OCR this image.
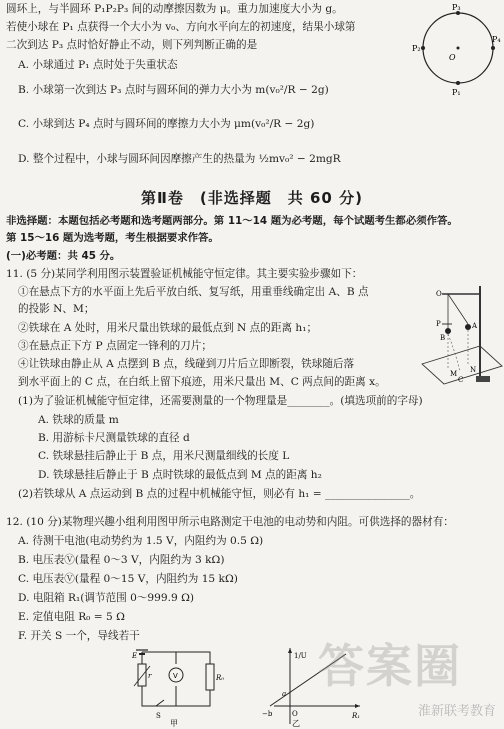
圆环上，与半圆环 P₁P₂P₃ 间的动摩擦因数为 μ。重力加速度大小为 g。
若使小球在 P₁ 点获得一个大小为 v₀、方向水平向左的初速度，结果小球第
二次到达 P₃ 点时恰好静止不动，则下列判断正确的是
A. 小球通过 P₁ 点时处于失重状态
B. 小球第一次到达 P₃ 点时与圆环间的弹力大小为 m(v₀²/R − 2g)
C. 小球到达 P₄ 点时与圆环间的摩擦力大小为 μm(v₀²/R − 2g)
D. 整个过程中，小球与圆环间因摩擦产生的热量为 ½mv₀² − 2mgR
P₃
P₁
P₂
P₄
O
第Ⅱ卷　(非选择题　共 60 分)
非选择题：本题包括必考题和选考题两部分。第 11～14 题为必考题，每个试题考生都必须作答。
第 15～16 题为选考题，考生根据要求作答。
(一)必考题：共 45 分。
11. (5 分)某同学利用图示装置验证机械能守恒定律。其主要实验步骤如下：
①在悬点下方的水平面上先后平放白纸、复写纸，用重垂线确定出 A、B 点
的投影 N、M；
②铁球在 A 处时，用米尺量出铁球的最低点到 N 点的距离 h₁；
③在悬点正下方 P 点固定一锋利的刀片；
④让铁球由静止从 A 点摆到 B 点，线碰到刀片后立即断裂，铁球随后落
到水平面上的 C 点，在白纸上留下痕迹，用米尺量出 M、C 两点间的距离 x。
(1)为了验证机械能守恒定律，还需要测量的一个物理量是________。(填选项前的字母)
A. 铁球的质量 m
B. 用游标卡尺测量铁球的直径 d
C. 铁球悬挂后静止于 B 点，用米尺测量细线的长度 L
D. 铁球悬挂后静止于 B 点时铁球的最低点到 M 点的距离 h₂
(2)若铁球从 A 点运动到 B 点的过程中机械能守恒，则必有 h₁ = ________________。
O
P
B
A
M N
C
12. (10 分)某物理兴趣小组利用图甲所示电路测定干电池的电动势和内阻。可供选择的器材有：
A. 待测干电池(电动势约为 1.5 V，内阻约为 0.5 Ω)
B. 电压表Ⓥ(量程 0～3 V，内阻约为 3 kΩ)
C. 电压表Ⓥ(量程 0～15 V，内阻约为 15 kΩ)
D. 电阻箱 R₁(调节范围 0～999.9 Ω)
E. 定值电阻 R₀ = 5 Ω
F. 开关 S 一个，导线若干
E
r	V	R₀
S
甲
1/U
a
−b	O	R₁
乙
答案圈
淮新联考教育
